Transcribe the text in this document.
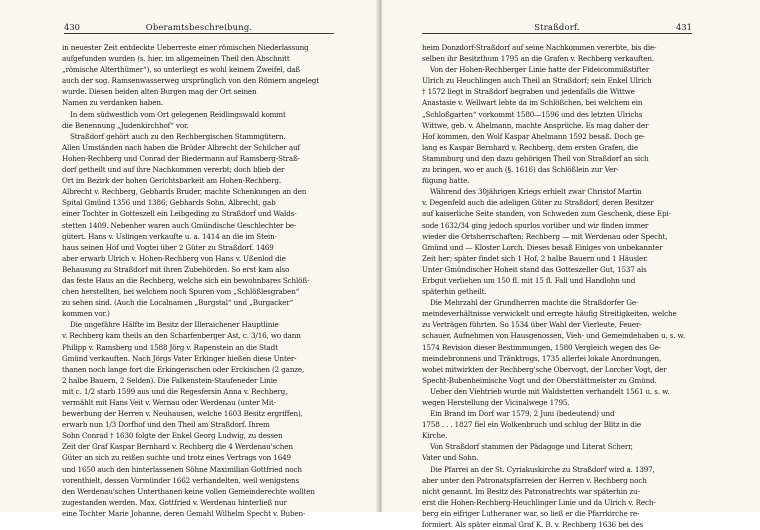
430	Oberamtsbeschreibung.
in neuester Zeit entdeckte Ueberreste einer römischen Niederlassung
aufgefunden wurden (s. hier. im allgemeinen Theil den Abschnitt
„römische Alterthümer“), so unterliegt es wohl keinem Zweifel, daß
auch der sog. Ramsenwasserweg ursprünglich von den Römern angelegt
wurde. Diesen beiden alten Burgen mag der Ort seinen
Namen zu verdanken haben.
In dem südwestlich vom Ort gelegenen Reidlingswald kommt
die Benennung „Judenkirchhof“ vor.
Straßdorf gehört auch zu den Rechbergischen Stammgütern.
Allen Umständen nach haben die Brüder Albrecht der Schilcher auf
Hohen-Rechberg und Conrad der Biedermann auf Ramsberg-Straß-
dorf getheilt und auf ihre Nachkommen vererbt; doch blieb der
Ort im Bezirk der hohen Gerichtsbarkeit am Hohen-Rechberg.
Albrecht v. Rechberg, Gebhards Bruder, machte Schenkungen an den
Spital Gmünd 1356 und 1386; Gebhards Sohn, Albrecht, gab
einer Tochter in Gotteszell ein Leibgeding zu Straßdorf und Walds-
stetten 1409. Nebenher waren auch Gmündische Geschlechter be-
gütert. Hans v. Uslingen verkaufte u. a. 1414 an die im Stein-
haus seinen Hof und Vogtei über 2 Güter zu Straßdorf. 1469
aber erwarb Ulrich v. Hohen-Rechberg von Hans v. Ußenlod die
Behausung zu Straßdorf mit ihren Zubehörden. So erst kam also
das feste Haus an die Rechberg, welche sich ein bewohnbares Schlöß-
chen herstellten, bei welchem noch Spuren vom „Schlößlesgraben“
zu sehen sind. (Auch die Localnamen „Burgstal“ und „Burgacker“
kommen vor.)
Die ungefähre Hälfte im Besitz der Illeraichener Hauptlinie
v. Rechberg kam theils an den Scharfenberger Ast, c. 3/16, wo dann
Philipp v. Ramsberg und 1588 Jörg v. Rapenstein an die Stadt
Gmünd verkauften. Nach Jörgs Vater Erkinger hießen diese Unter-
thanen noch lange fort die Erkingerischen oder Erckischen (2 ganze,
2 halbe Bauern, 2 Selden). Die Falkenstein-Staufeneder Linie
mit c. 1/2 starb 1599 aus und die Regesfersin Anna v. Rechberg,
vermählt mit Hans Veit v. Wernau oder Werdenau (unter Mit-
bewerbung der Herren v. Neuhausen, welche 1603 Besitz ergriffen),
erwarb nun 1/3 Dorfhof und den Theil am Straßdorf. Ihrem
Sohn Conrad † 1630 folgte der Enkel Georg Ludwig, zu dessen
Zeit der Graf Kaspar Bernhard v. Rechberg die 4 Werdenau'schen
Güter an sich zu reißen suchte und trotz eines Vertrags von 1649
und 1650 auch den hinterlassenen Söhne Maximilian Gottfried noch
vorenthielt, dessen Vormünder 1662 verhandelten, weil wenigstens
den Werdenau'schen Unterthanen keine vollen Gemeinderechte wollten
zugestanden werden. Max. Gottfried v. Werdenau hinterließ nur
eine Tochter Marie Johanne, deren Gemahl Wilhelm Specht v. Buben-
Straßdorf.	431
heim Donzdorf-Straßdorf auf seine Nachkommen vererbte, bis die-
selben ihr Besitzthum 1795 an die Grafen v. Rechberg verkauften.
Von der Hohen-Rechberger Linie hatte der Fideicommißstifter
Ulrich zu Heuchlingen auch Theil an Straßdorf; sein Enkel Ulrich
† 1572 liegt in Straßdorf begraben und jedenfalls die Wittwe
Anastasie v. Wellwart lebte da im Schlößchen, bei welchem ein
„Schloßgarten“ vorkommt 1580—1596 und des letzten Ulrichs
Wittwe, geb. v. Ahelmann, machte Ansprüche. Es mag daher der
Hof kommen, den Wolf Kaspar Ahelmann 1592 besaß. Doch ge-
lang es Kaspar Bernhard v. Rechberg, dem ersten Grafen, die
Stammburg und den dazu gehörigen Theil von Straßdorf an sich
zu bringen, wo er auch (§. 1616) das Schlößlein zur Ver-
fügung hatte.
Während des 30jährigen Kriegs erhielt zwar Christof Martin
v. Degenfeld auch die adeligen Güter zu Straßdorf, deren Besitzer
auf kaiserliche Seite standen, von Schweden zum Geschenk, diese Epi-
sode 1632/34 ging jedoch spurlos vorüber und wir finden immer
wieder die Ortsherrschaften: Rechberg — mit Werdenau oder Specht,
Gmünd und — Kloster Lorch. Dieses besaß Einiges von unbekannter
Zeit her; später findet sich 1 Hof, 2 halbe Bauern und 1 Häusler.
Unter Gmündischer Hoheit stand das Gotteszeller Gut, 1537 als
Erbgut verliehen um 150 fl. mit 15 fl. Fall und Handlohn und
späterhin getheilt.
Die Mehrzahl der Grundherren machte die Straßdorfer Ge-
meindeverhältnisse verwickelt und erregte häufig Streitigkeiten, welche
zu Verträgen führten. So 1534 über Wahl der Vierleute, Feuer-
schauer, Aufnehmen von Hausgenossen, Vieh- und Gemeindehaben u. s. w.
1574 Revision dieser Bestimmungen, 1580 Vergleich wegen des Ge-
meindebronnens und Tränktrogs, 1735 allerlei lokale Anordnungen,
wobei mitwirkten der Rechberg'sche Obervogt, der Lorcher Vogt, der
Specht-Bubenheimische Vogt und der Oberstättmeister zu Gmünd.
Ueber den Viehtrieb wurde mit Waldstetten verhandelt 1561 u. s. w.
wegen Herstellung der Vicinalwege 1795.
Ein Brand im Dorf war 1579, 2 Juni (bedeutend) und
1758 . . . 1827 fiel ein Wolkenbruch und schlug der Blitz in die
Kirche.
Von Straßdorf stammen der Pädagoge und Literat Scherr,
Vater und Sohn.
Die Pfarrei an der St. Cyriakuskirche zu Straßdorf wird a. 1397,
aber unter den Patronatspfarreien der Herren v. Rechberg noch
nicht genannt. Im Besitz des Patronatrechts war späterhin zu-
erst die Hohen-Rechberg-Heuchlinger Linie und da Ulrich v. Rech-
berg ein eifriger Lutheraner war, so ließ er die Pfarrkirche re-
formiert. Als später einmal Graf K. B. v. Rechberg 1636 bei des
